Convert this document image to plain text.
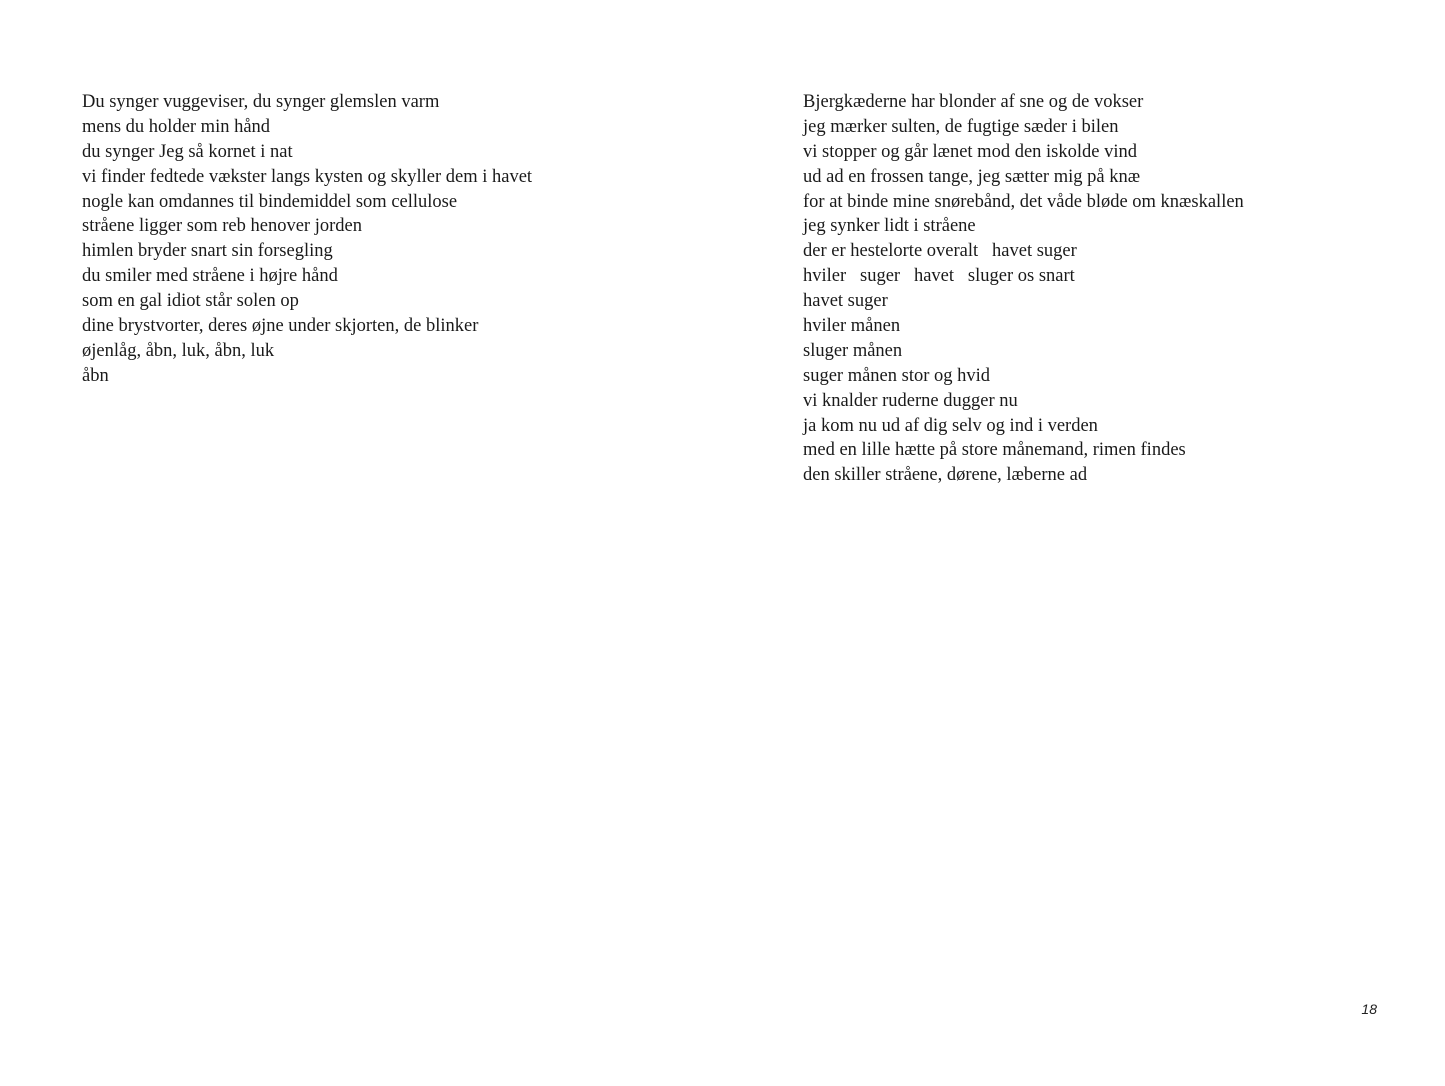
Du synger vuggeviser, du synger glemslen varm
mens du holder min hånd
du synger Jeg så kornet i nat
vi finder fedtede vækster langs kysten og skyller dem i havet
nogle kan omdannes til bindemiddel som cellulose
stråene ligger som reb henover jorden
himlen bryder snart sin forsegling
du smiler med stråene i højre hånd
som en gal idiot står solen op
dine brystvorter, deres øjne under skjorten, de blinker
øjenlåg, åbn, luk, åbn, luk
åbn
Bjergkæderne har blonder af sne og de vokser
jeg mærker sulten, de fugtige sæder i bilen
vi stopper og går lænet mod den iskolde vind
ud ad en frossen tange, jeg sætter mig på knæ
for at binde mine snørebånd, det våde bløde om knæskallen
jeg synker lidt i stråene
der er hestelorte overalt   havet suger
hviler   suger   havet   sluger os snart
havet suger
hviler månen
sluger månen
suger månen stor og hvid
vi knalder ruderne dugger nu
ja kom nu ud af dig selv og ind i verden
med en lille hætte på store månemand, rimen findes
den skiller stråene, dørene, læberne ad
18
